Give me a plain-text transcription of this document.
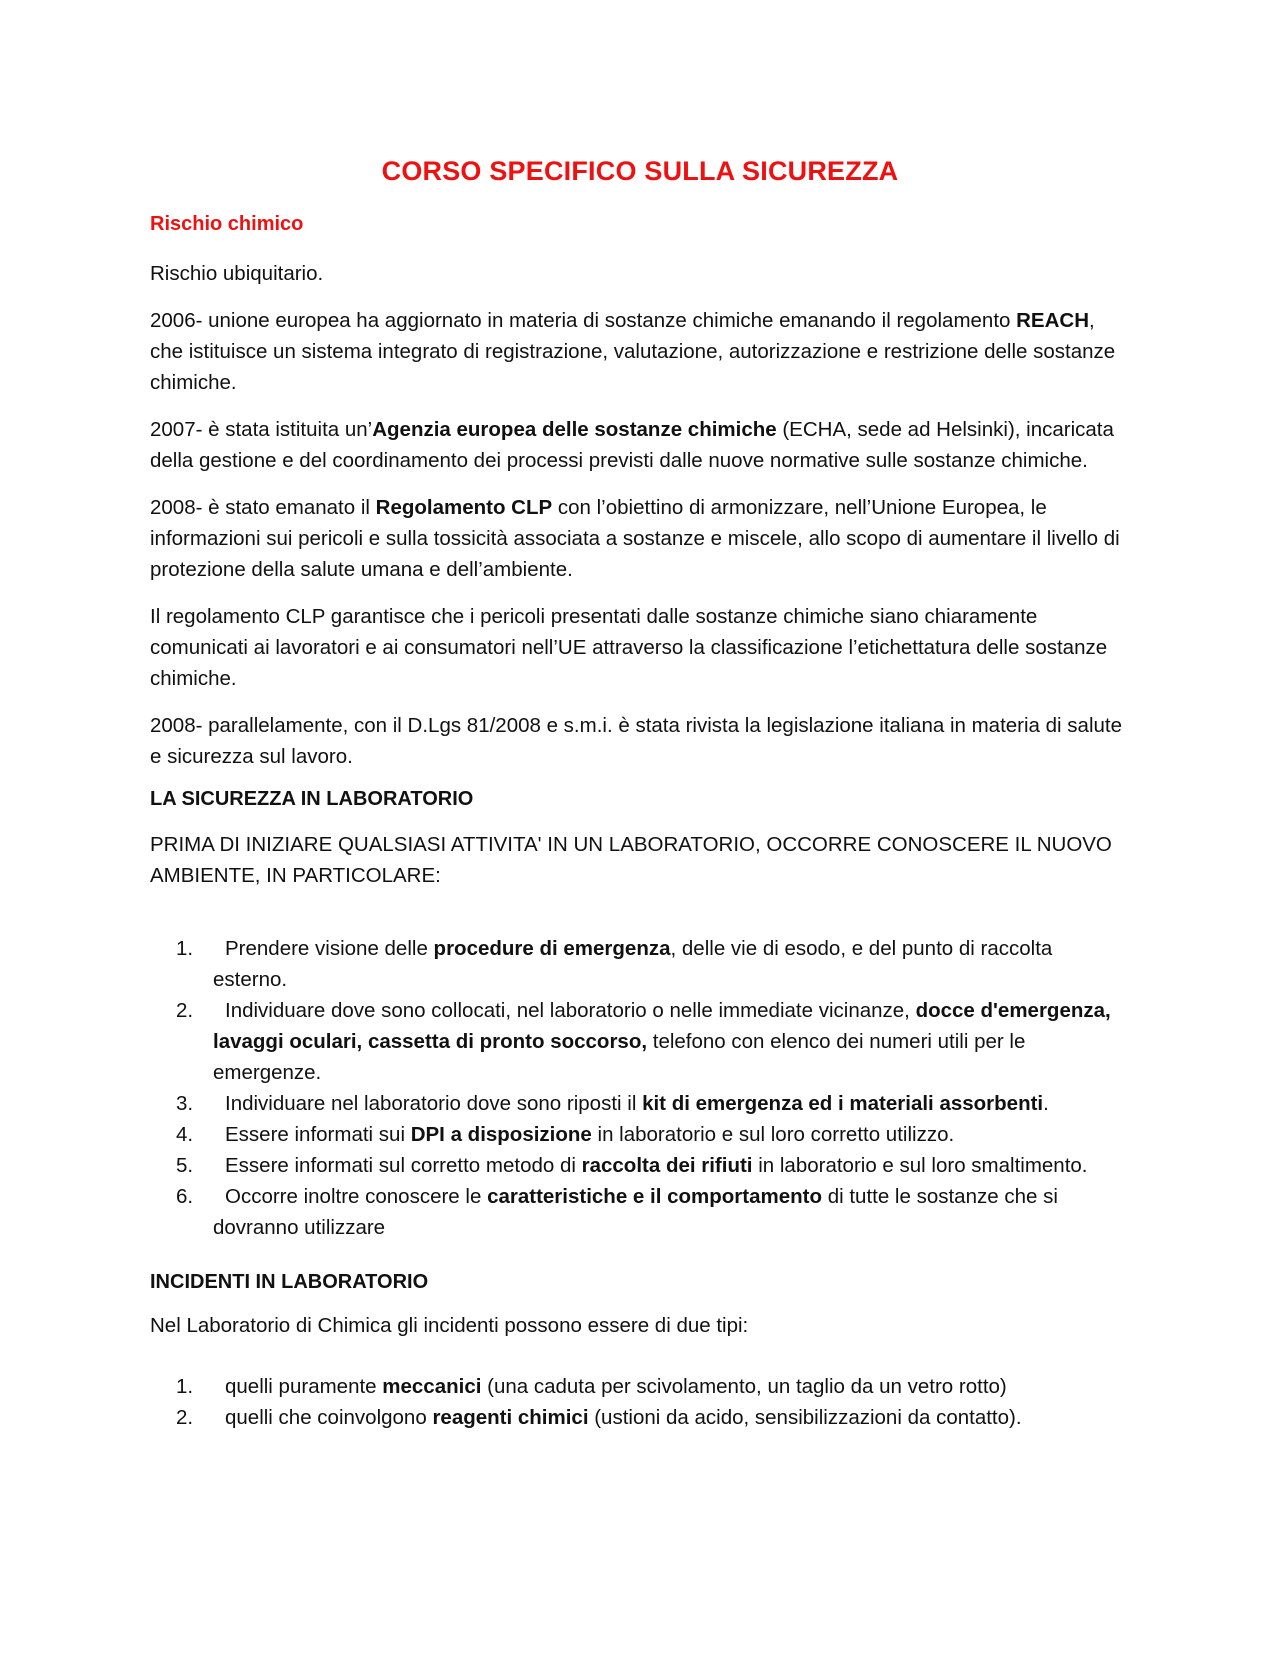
CORSO SPECIFICO SULLA SICUREZZA
Rischio chimico

Rischio ubiquitario.

2006- unione europea ha aggiornato in materia di sostanze chimiche emanando il regolamento REACH, che istituisce un sistema integrato di registrazione, valutazione, autorizzazione e restrizione delle sostanze chimiche.

2007- è stata istituita un’Agenzia europea delle sostanze chimiche (ECHA, sede ad Helsinki), incaricata della gestione e del coordinamento dei processi previsti dalle nuove normative sulle sostanze chimiche.

2008- è stato emanato il Regolamento CLP con l’obiettino di armonizzare, nell’Unione Europea, le informazioni sui pericoli e sulla tossicità associata a sostanze e miscele, allo scopo di aumentare il livello di protezione della salute umana e dell’ambiente.

Il regolamento CLP garantisce che i pericoli presentati dalle sostanze chimiche siano chiaramente comunicati ai lavoratori e ai consumatori nell’UE attraverso la classificazione l’etichettatura delle sostanze chimiche.

2008- parallelamente, con il D.Lgs 81/2008 e s.m.i. è stata rivista la legislazione italiana in materia di salute e sicurezza sul lavoro.

LA SICUREZZA IN LABORATORIO

PRIMA DI INIZIARE QUALSIASI ATTIVITA' IN UN LABORATORIO, OCCORRE CONOSCERE IL NUOVO AMBIENTE, IN PARTICOLARE:

1. Prendere visione delle procedure di emergenza, delle vie di esodo, e del punto di raccolta esterno.
2. Individuare dove sono collocati, nel laboratorio o nelle immediate vicinanze, docce d'emergenza, lavaggi oculari, cassetta di pronto soccorso, telefono con elenco dei numeri utili per le emergenze.
3. Individuare nel laboratorio dove sono riposti il kit di emergenza ed i materiali assorbenti.
4. Essere informati sui DPI a disposizione in laboratorio e sul loro corretto utilizzo.
5. Essere informati sul corretto metodo di raccolta dei rifiuti in laboratorio e sul loro smaltimento.
6. Occorre inoltre conoscere le caratteristiche e il comportamento di tutte le sostanze che si dovranno utilizzare
INCIDENTI IN LABORATORIO

Nel Laboratorio di Chimica gli incidenti possono essere di due tipi:

1. quelli puramente meccanici (una caduta per scivolamento, un taglio da un vetro rotto)
2. quelli che coinvolgono reagenti chimici (ustioni da acido, sensibilizzazioni da contatto).
